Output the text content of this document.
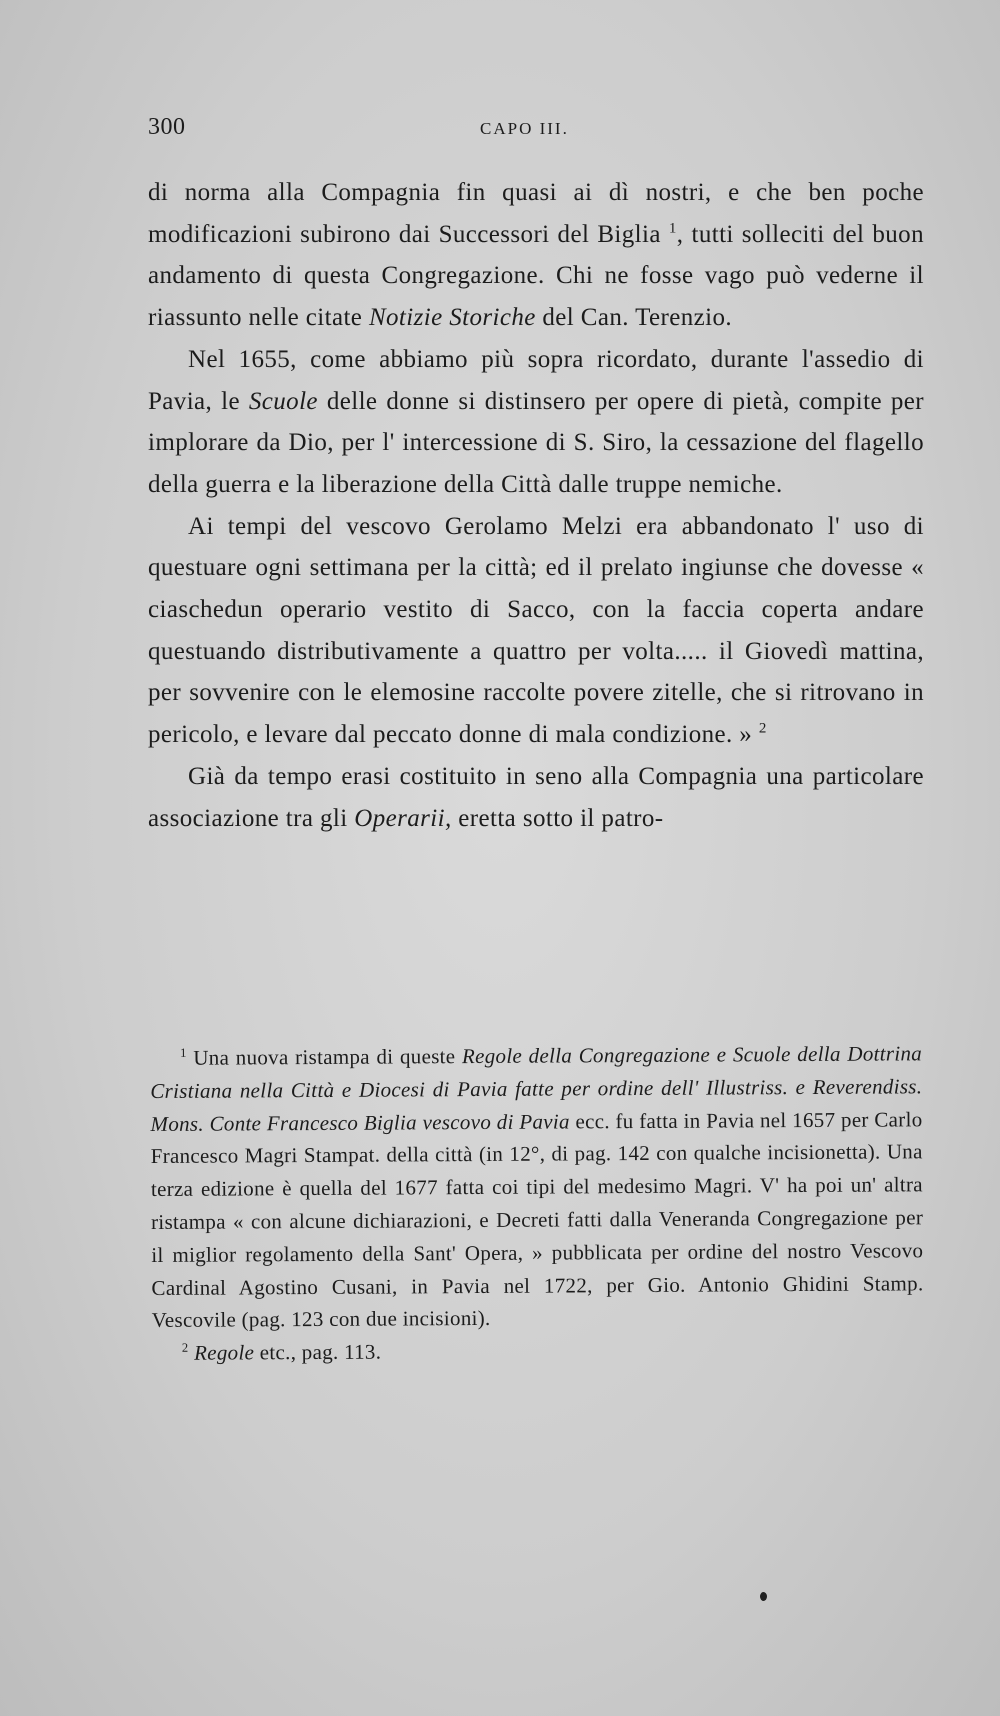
300	CAPO III.

di norma alla Compagnia fin quasi ai dì nostri, e che ben poche modificazioni subirono dai Successori del Biglia $^1$, tutti solleciti del buon andamento di questa Congregazione. Chi ne fosse vago può vederne il riassunto nelle citate Notizie Storiche del Can. Terenzio.

Nel 1655, come abbiamo più sopra ricordato, durante l'assedio di Pavia, le Scuole delle donne si distinsero per opere di pietà, compite per implorare da Dio, per l' intercessione di S. Siro, la cessazione del flagello della guerra e la liberazione della Città dalle truppe nemiche.

Ai tempi del vescovo Gerolamo Melzi era abbandonato l' uso di questuare ogni settimana per la città; ed il prelato ingiunse che dovesse « ciaschedun operario vestito di Sacco, con la faccia coperta andare questuando distributivamente a quattro per volta..... il Giovedì mattina, per sovvenire con le elemosine raccolte povere zitelle, che si ritrovano in pericolo, e levare dal peccato donne di mala condizione. » $^2$

Già da tempo erasi costituito in seno alla Compagnia una particolare associazione tra gli Operarii, eretta sotto il patro-

$^1$ Una nuova ristampa di queste Regole della Congregazione e Scuole della Dottrina Cristiana nella Città e Diocesi di Pavia fatte per ordine dell' Illustriss. e Reverendiss. Mons. Conte Francesco Biglia vescovo di Pavia ecc. fu fatta in Pavia nel 1657 per Carlo Francesco Magri Stampat. della città (in 12°, di pag. 142 con qualche incisionetta). Una terza edizione è quella del 1677 fatta coi tipi del medesimo Magri. V' ha poi un' altra ristampa « con alcune dichiarazioni, e Decreti fatti dalla Veneranda Congregazione per il miglior regolamento della Sant' Opera, » pubblicata per ordine del nostro Vescovo Cardinal Agostino Cusani, in Pavia nel 1722, per Gio. Antonio Ghidini Stamp. Vescovile (pag. 123 con due incisioni).

$^2$ Regole etc., pag. 113.
